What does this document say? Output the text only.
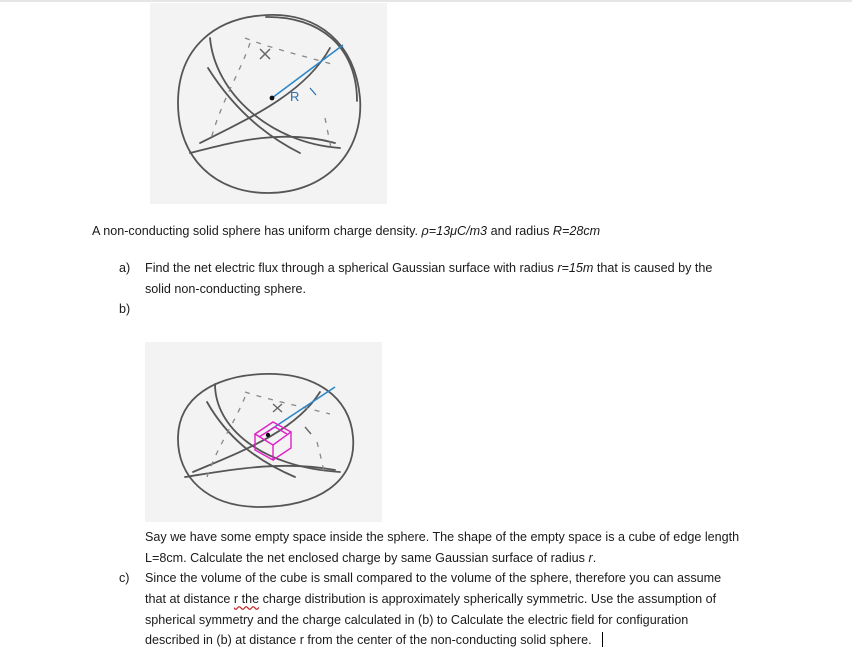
R
A non-conducting solid sphere has uniform charge density. ρ=13μC/m3 and radius R=28cm
a) Find the net electric flux through a spherical Gaussian surface with radius r=15m that is caused by the
solid non-conducting sphere.
b)
Say we have some empty space inside the sphere. The shape of the empty space is a cube of edge length
L=8cm. Calculate the net enclosed charge by same Gaussian surface of radius r.
c) Since the volume of the cube is small compared to the volume of the sphere, therefore you can assume
that at distance r the charge distribution is approximately spherically symmetric. Use the assumption of
spherical symmetry and the charge calculated in (b) to Calculate the electric field for configuration
described in (b) at distance r from the center of the non-conducting solid sphere.
